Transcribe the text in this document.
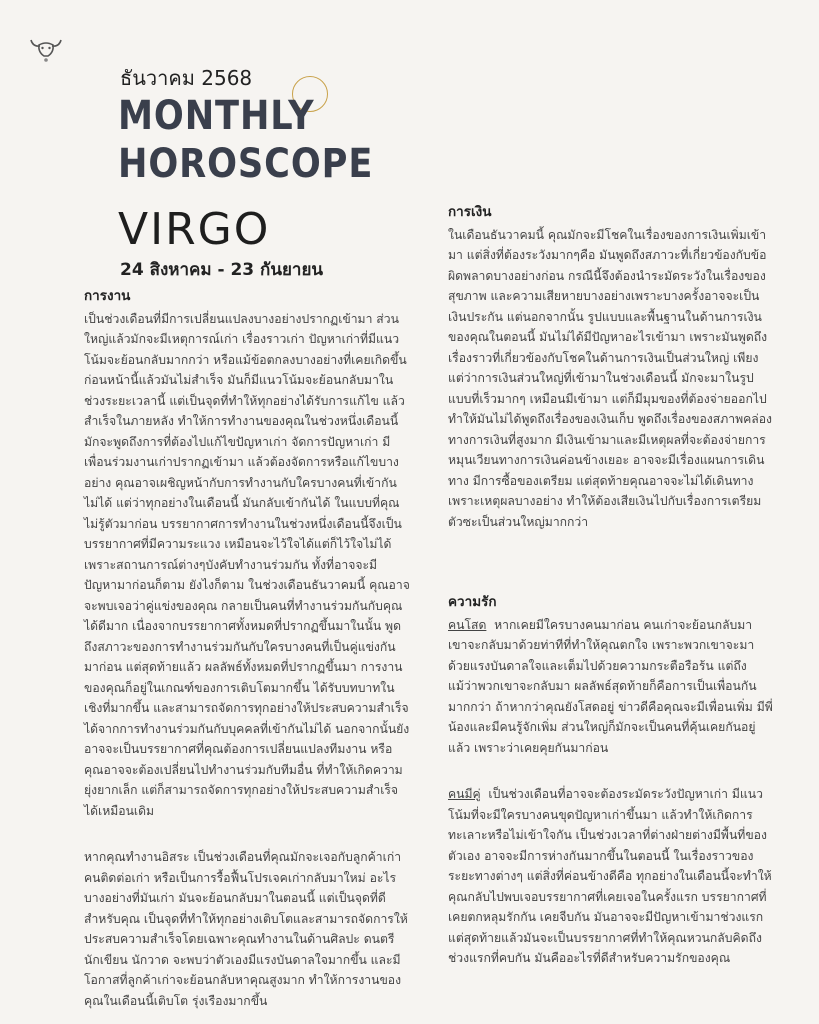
ธันวาคม 2568
MONTHLY
HOROSCOPE
VIRGO
24 สิงหาคม - 23 กันยายน
การงาน

เป็นช่วงเดือนที่มีการเปลี่ยนแปลงบางอย่างปรากฏเข้ามา ส่วนใหญ่แล้วมักจะมีเหตุการณ์เก่า เรื่องราวเก่า ปัญหาเก่าที่มีแนวโน้มจะย้อนกลับมากกว่า หรือแม้ข้อตกลงบางอย่างที่เคยเกิดขึ้นก่อนหน้านี้แล้วมันไม่สำเร็จ มันก็มีแนวโน้มจะย้อนกลับมาในช่วงระยะเวลานี้ แต่เป็นจุดที่ทำให้ทุกอย่างได้รับการแก้ไข แล้วสำเร็จในภายหลัง ทำให้การทำงานของคุณในช่วงหนึ่งเดือนนี้ มักจะพูดถึงการที่ต้องไปแก้ไขปัญหาเก่า จัดการปัญหาเก่า มีเพื่อนร่วมงานเก่าปรากฏเข้ามา แล้วต้องจัดการหรือแก้ไขบางอย่าง คุณอาจเผชิญหน้ากับการทำงานกับใครบางคนที่เข้ากันไม่ได้ แต่ว่าทุกอย่างในเดือนนี้ มันกลับเข้ากันได้ ในแบบที่คุณไม่รู้ตัวมาก่อน บรรยากาศการทำงานในช่วงหนึ่งเดือนนี้จึงเป็นบรรยากาศที่มีความระแวง เหมือนจะไว้ใจได้แต่ก็ไว้ใจไม่ได้ เพราะสถานการณ์ต่างๆบังคับทำงานร่วมกัน ทั้งที่อาจจะมีปัญหามาก่อนก็ตาม ยังไงก็ตาม ในช่วงเดือนธันวาคมนี้ คุณอาจจะพบเจอว่าคู่แข่งของคุณ กลายเป็นคนที่ทำงานร่วมกันกับคุณได้ดีมาก เนื่องจากบรรยากาศทั้งหมดที่ปรากฏขึ้นมาในนั้น พูดถึงสภาวะของการทำงานร่วมกันกับใครบางคนที่เป็นคู่แข่งกันมาก่อน แต่สุดท้ายแล้ว ผลลัพธ์ทั้งหมดที่ปรากฏขึ้นมา การงานของคุณก็อยู่ในเกณฑ์ของการเติบโตมากขึ้น ได้รับบทบาทในเชิงที่มากขึ้น และสามารถจัดการทุกอย่างให้ประสบความสำเร็จได้จากการทำงานร่วมกันกับบุคคลที่เข้ากันไม่ได้ นอกจากนั้นยังอาจจะเป็นบรรยากาศที่คุณต้องการเปลี่ยนแปลงทีมงาน หรือคุณอาจจะต้องเปลี่ยนไปทำงานร่วมกับทีมอื่น ที่ทำให้เกิดความยุ่งยากเล็ก แต่ก็สามารถจัดการทุกอย่างให้ประสบความสำเร็จได้เหมือนเดิม

หากคุณทำงานอิสระ เป็นช่วงเดือนที่คุณมักจะเจอกับลูกค้าเก่า คนติดต่อเก่า หรือเป็นการรื้อฟื้นโปรเจคเก่ากลับมาใหม่ อะไรบางอย่างที่มันเก่า มันจะย้อนกลับมาในตอนนี้ แต่เป็นจุดที่ดีสำหรับคุณ เป็นจุดที่ทำให้ทุกอย่างเติบโตและสามารถจัดการให้ประสบความสำเร็จโดยเฉพาะคุณทำงานในด้านศิลปะ ดนตรี นักเขียน นักวาด จะพบว่าตัวเองมีแรงบันดาลใจมากขึ้น และมีโอกาสที่ลูกค้าเก่าจะย้อนกลับหาคุณสูงมาก ทำให้การงานของคุณในเดือนนี้เติบโต รุ่งเรืองมากขึ้น

การเงิน

ในเดือนธันวาคมนี้ คุณมักจะมีโชคในเรื่องของการเงินเพิ่มเข้ามา แต่สิ่งที่ต้องระวังมากๆคือ มันพูดถึงสภาวะที่เกี่ยวข้องกับข้อผิดพลาดบางอย่างก่อน กรณีนี้จึงต้องนำระมัดระวังในเรื่องของสุขภาพ และความเสียหายบางอย่างเพราะบางครั้งอาจจะเป็นเงินประกัน แต่นอกจากนั้น รูปแบบและพื้นฐานในด้านการเงินของคุณในตอนนี้ มันไม่ได้มีปัญหาอะไรเข้ามา เพราะมันพูดถึงเรื่องราวที่เกี่ยวข้องกับโชคในด้านการเงินเป็นส่วนใหญ่ เพียงแต่ว่าการเงินส่วนใหญ่ที่เข้ามาในช่วงเดือนนี้ มักจะมาในรูปแบบที่เร็วมากๆ เหมือนมีเข้ามา แต่ก็มีมุมของที่ต้องจ่ายออกไป ทำให้มันไม่ได้พูดถึงเรื่องของเงินเก็บ พูดถึงเรื่องของสภาพคล่องทางการเงินที่สูงมาก มีเงินเข้ามาและมีเหตุผลที่จะต้องจ่ายการหมุนเวียนทางการเงินค่อนข้างเยอะ อาจจะมีเรื่องแผนการเดินทาง มีการซื้อของเตรียม แต่สุดท้ายคุณอาจจะไม่ได้เดินทาง เพราะเหตุผลบางอย่าง ทำให้ต้องเสียเงินไปกับเรื่องการเตรียมตัวซะเป็นส่วนใหญ่มากกว่า

ความรัก

คนโสด หากเคยมีใครบางคนมาก่อน คนเก่าจะย้อนกลับมา เขาจะกลับมาด้วยท่าทีที่ทำให้คุณตกใจ เพราะพวกเขาจะมาด้วยแรงบันดาลใจและเต็มไปด้วยความกระตือรือร้น แต่ถึงแม้ว่าพวกเขาจะกลับมา ผลลัพธ์สุดท้ายก็คือการเป็นเพื่อนกันมากกว่า ถ้าหากว่าคุณยังโสดอยู่ ข่าวดีคือคุณจะมีเพื่อนเพิ่ม มีพี่น้องและมีคนรู้จักเพิ่ม ส่วนใหญ่ก็มักจะเป็นคนที่คุ้นเคยกันอยู่แล้ว เพราะว่าเคยคุยกันมาก่อน

คนมีคู่ เป็นช่วงเดือนที่อาจจะต้องระมัดระวังปัญหาเก่า มีแนวโน้มที่จะมีใครบางคนขุดปัญหาเก่าขึ้นมา แล้วทำให้เกิดการทะเลาะหรือไม่เข้าใจกัน เป็นช่วงเวลาที่ต่างฝ่ายต่างมีพื้นที่ของตัวเอง อาจจะมีการห่างกันมากขึ้นในตอนนี้ ในเรื่องราวของระยะทางต่างๆ แต่สิ่งที่ค่อนข้างดีคือ ทุกอย่างในเดือนนี้จะทำให้คุณกลับไปพบเจอบรรยากาศที่เคยเจอในครั้งแรก บรรยากาศที่เคยตกหลุมรักกัน เคยจีบกัน มันอาจจะมีปัญหาเข้ามาช่วงแรก แต่สุดท้ายแล้วมันจะเป็นบรรยากาศที่ทำให้คุณหวนกลับคิดถึงช่วงแรกที่คบกัน มันคืออะไรที่ดีสำหรับความรักของคุณ
